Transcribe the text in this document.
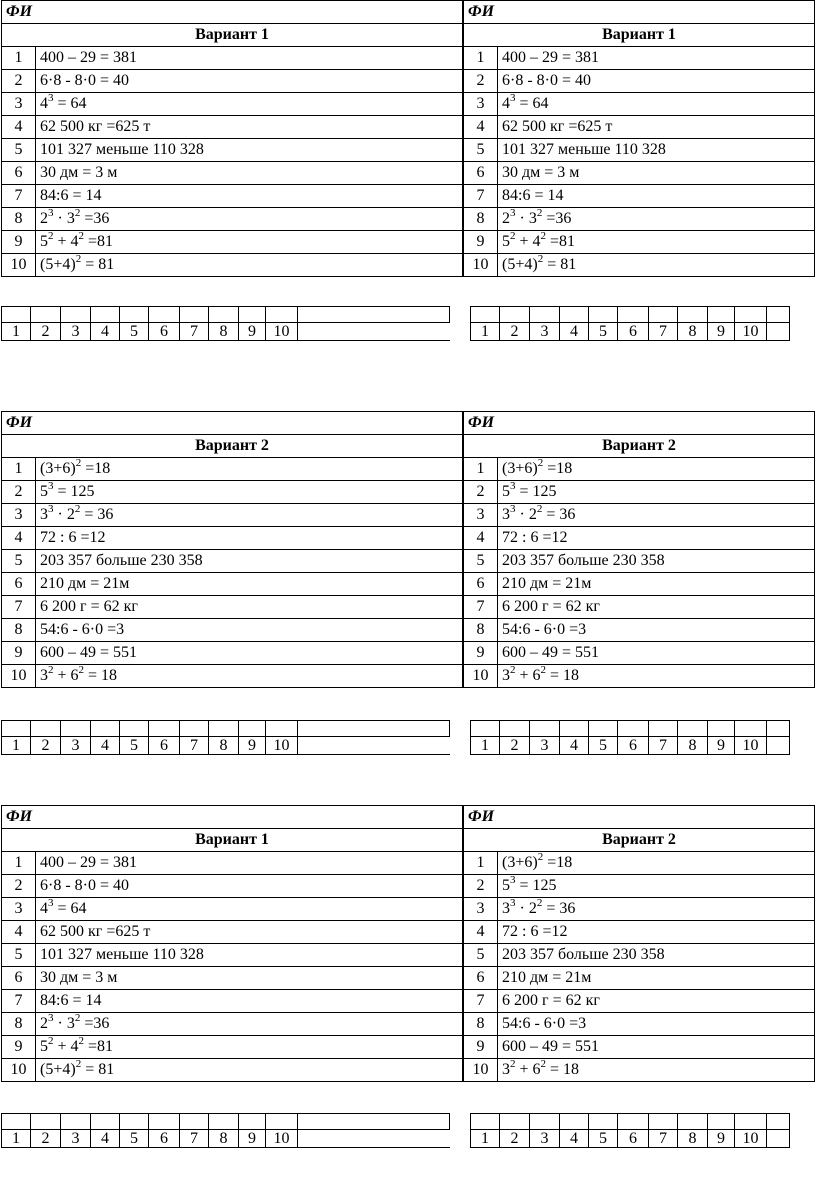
ФИ	
Вариант 1	
1	400 – 29 = 381
2	6·8 - 8·0 = 40
3	$4^3 = 64$
4	62 500 кг =625 т
5	101 327 меньше 110 328
6	30 дм = 3 м
7	84:6 = 14
8	$2^3 \cdot 3^2 =36$
9	$5^2 + 4^2 =81$
10	$(5+4)^2 = 81$
ФИ	
Вариант 1	
1	400 – 29 = 381
2	6·8 - 8·0 = 40
3	$4^3 = 64$
4	62 500 кг =625 т
5	101 327 меньше 110 328
6	30 дм = 3 м
7	84:6 = 14
8	$2^3 \cdot 3^2 =36$
9	$5^2 + 4^2 =81$
10	$(5+4)^2 = 81$

1	2	3	4	5	6	7	8	9	10	
											1	2	3	4	5	6	7	8	9	10	
ФИ	
Вариант 2	
1	$(3+6)^2 =18$
2	$5^3 = 125$
3	$3^3 \cdot 2^2 = 36$
4	72 : 6 =12
5	203 357 больше 230 358
6	210 дм = 21м
7	6 200 г = 62 кг
8	54:6 - 6·0 =3
9	600 – 49 = 551
10	$3^2 + 6^2 = 18$
ФИ	
Вариант 2	
1	$(3+6)^2 =18$
2	$5^3 = 125$
3	$3^3 \cdot 2^2 = 36$
4	72 : 6 =12
5	203 357 больше 230 358
6	210 дм = 21м
7	6 200 г = 62 кг
8	54:6 - 6·0 =3
9	600 – 49 = 551
10	$3^2 + 6^2 = 18$

1	2	3	4	5	6	7	8	9	10	
											1	2	3	4	5	6	7	8	9	10	
ФИ	
Вариант 1	
1	400 – 29 = 381
2	6·8 - 8·0 = 40
3	$4^3 = 64$
4	62 500 кг =625 т
5	101 327 меньше 110 328
6	30 дм = 3 м
7	84:6 = 14
8	$2^3 \cdot 3^2 =36$
9	$5^2 + 4^2 =81$
10	$(5+4)^2 = 81$
ФИ	
Вариант 2	
1	$(3+6)^2 =18$
2	$5^3 = 125$
3	$3^3 \cdot 2^2 = 36$
4	72 : 6 =12
5	203 357 больше 230 358
6	210 дм = 21м
7	6 200 г = 62 кг
8	54:6 - 6·0 =3
9	600 – 49 = 551
10	$3^2 + 6^2 = 18$

1	2	3	4	5	6	7	8	9	10	
											1	2	3	4	5	6	7	8	9	10	
